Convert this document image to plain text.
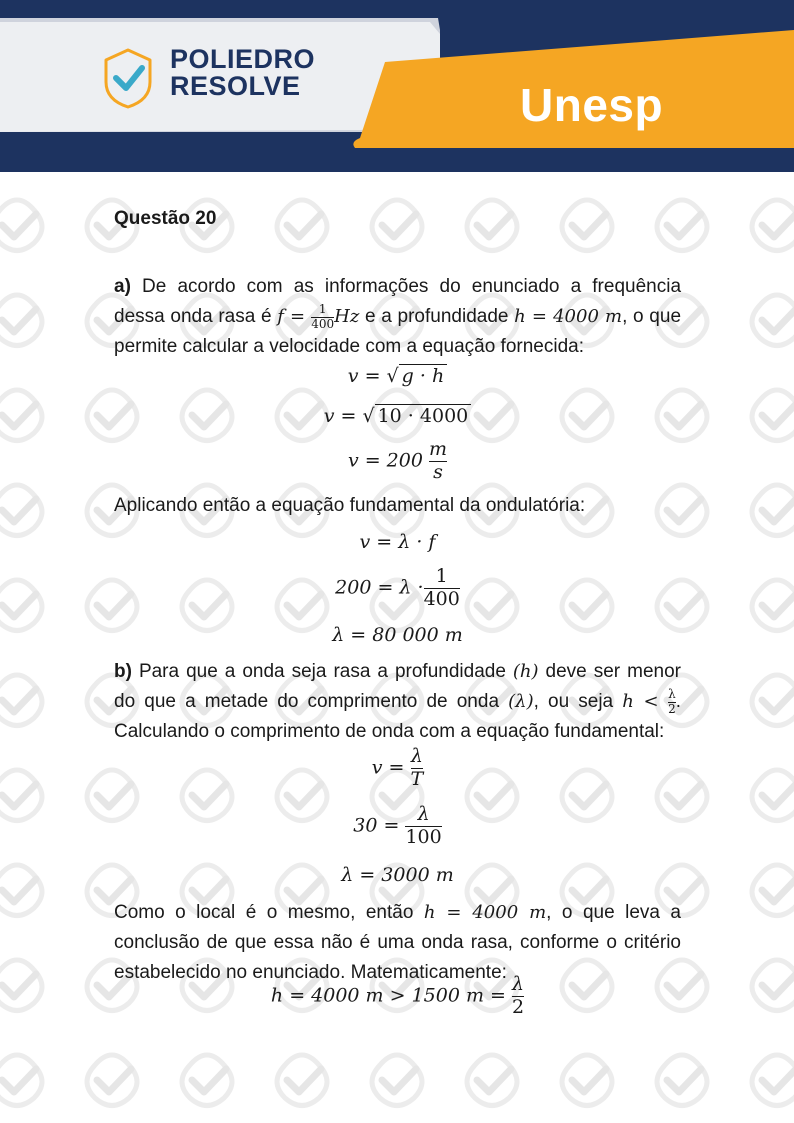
POLIEDRO
RESOLVE	Unesp
Questão 20
a) De acordo com as informações do enunciado a frequência dessa onda rasa é $f = \frac{1}{400}$ Hz e a profundidade h = 4000 m, o que permite calcular a velocidade com a equação fornecida:
v = √ g · h
v = √ 10 · 4000
$v = 200 \frac{m}{s}$
Aplicando então a equação fundamental da ondulatória:
v = λ · f
$200 = \lambda \cdot \frac{1}{400}$
λ = 80 000 m
b) Para que a onda seja rasa a profundidade (h) deve ser menor do que a metade do comprimento de onda (λ), ou seja $h < \frac{\lambda}{2}$ . Calculando o comprimento de onda com a equação fundamental:
$v = \frac{\lambda}{T}$
$30 = \frac{\lambda}{100}$
λ = 3000 m
Como o local é o mesmo, então h = 4000 m, o que leva a conclusão de que essa não é uma onda rasa, conforme o critério estabelecido no enunciado. Matematicamente:
h = 4000 m > 1500 $m = \frac{\lambda}{2}$
